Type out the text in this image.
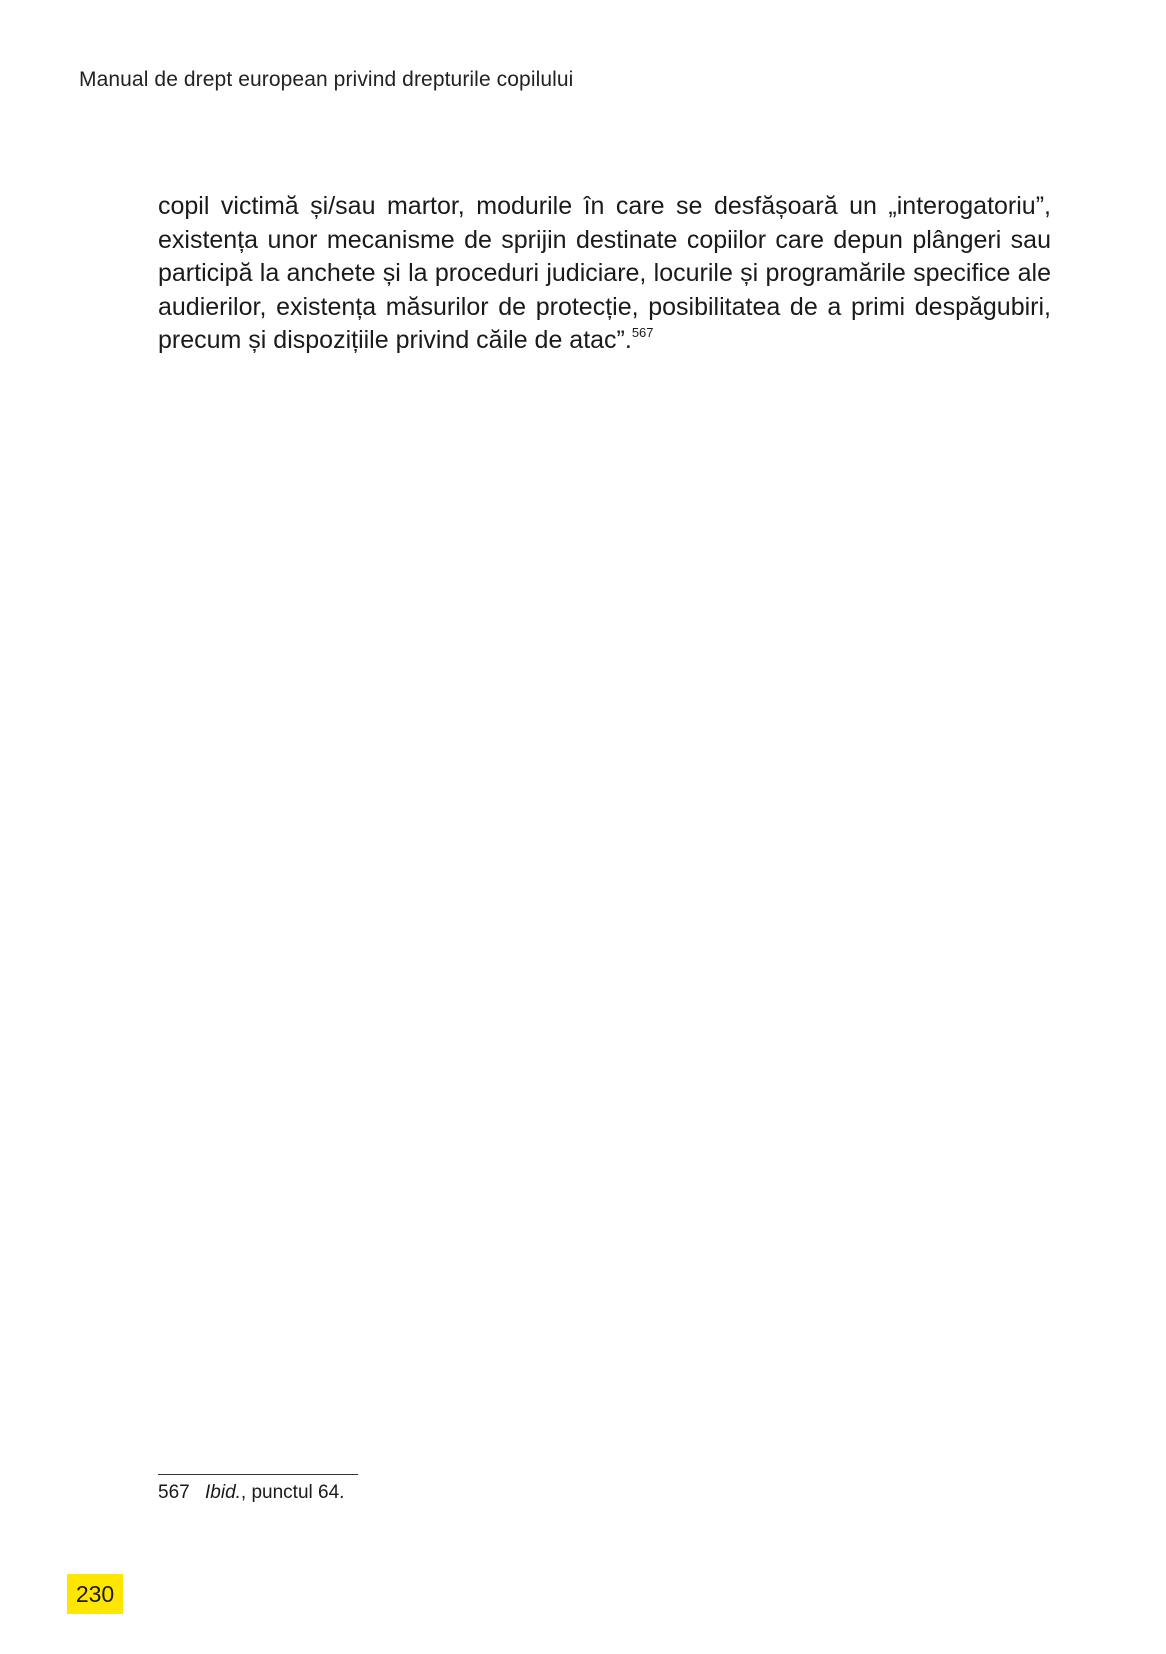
Manual de drept european privind drepturile copilului
copil victimă și/sau martor, modurile în care se desfășoară un „interogatoriu”,
existența unor mecanisme de sprijin destinate copiilor care depun plângeri sau
participă la anchete și la proceduri judiciare, locurile și programările specifice ale
audierilor, existența măsurilor de protecție, posibilitatea de a primi despăgubiri,
precum și dispozițiile privind căile de atac”.$^{567}$
567 Ibid., punctul 64.
230
